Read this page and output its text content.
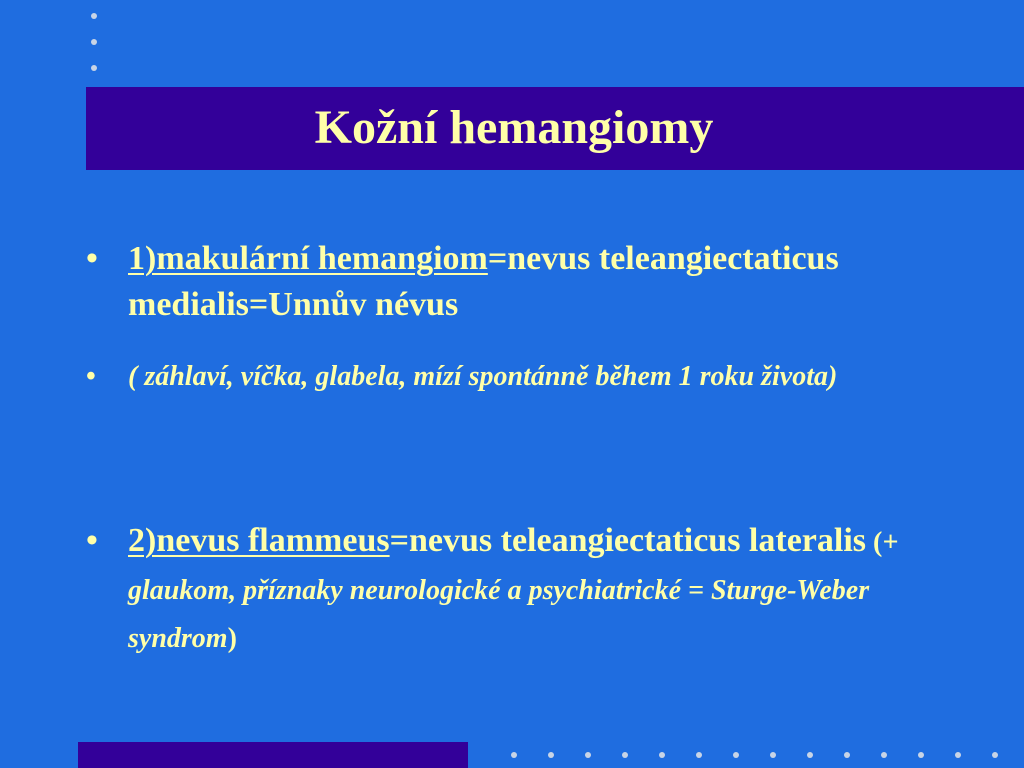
Kožní hemangiomy
• 1)makulární hemangiom=nevus teleangiectaticus medialis=Unnův névus
• ( záhlaví, víčka, glabela, mízí spontánně během 1 roku života)
• 2)nevus flammeus=nevus teleangiectaticus lateralis (+ glaukom, příznaky neurologické a psychiatrické = Sturge-Weber syndrom)
